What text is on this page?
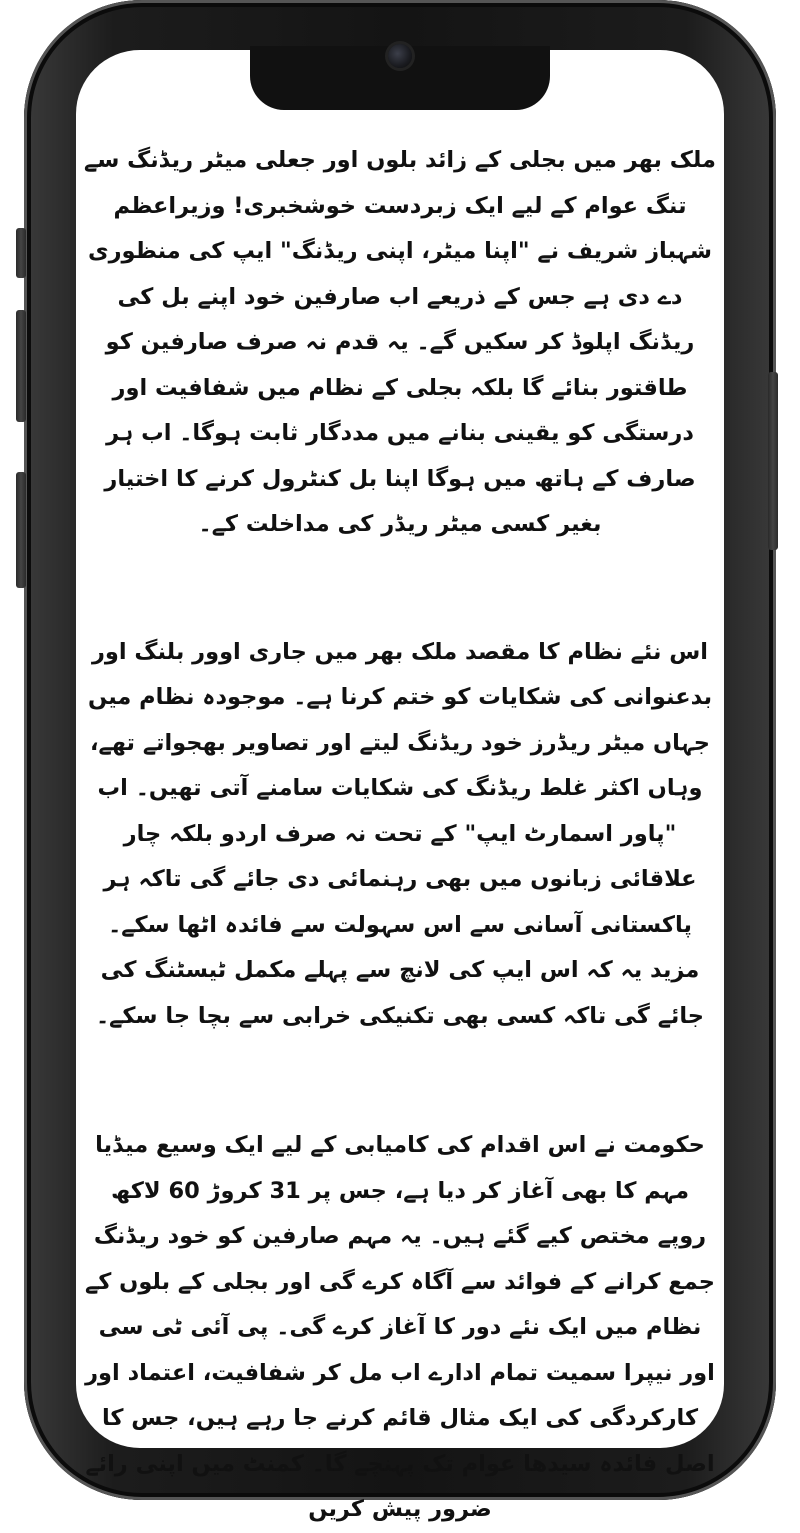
ملک بھر میں بجلی کے زائد بلوں اور جعلی میٹر ریڈنگ سے تنگ عوام کے لیے ایک زبردست خوشخبری! وزیراعظم شہباز شریف نے "اپنا میٹر، اپنی ریڈنگ" ایپ کی منظوری دے دی ہے جس کے ذریعے اب صارفین خود اپنے بل کی ریڈنگ اپلوڈ کر سکیں گے۔ یہ قدم نہ صرف صارفین کو طاقتور بنائے گا بلکہ بجلی کے نظام میں شفافیت اور درستگی کو یقینی بنانے میں مددگار ثابت ہوگا۔ اب ہر صارف کے ہاتھ میں ہوگا اپنا بل کنٹرول کرنے کا اختیار بغیر کسی میٹر ریڈر کی مداخلت کے۔

اس نئے نظام کا مقصد ملک بھر میں جاری اوور بلنگ اور بدعنوانی کی شکایات کو ختم کرنا ہے۔ موجودہ نظام میں جہاں میٹر ریڈرز خود ریڈنگ لیتے اور تصاویر بھجواتے تھے، وہاں اکثر غلط ریڈنگ کی شکایات سامنے آتی تھیں۔ اب "پاور اسمارٹ ایپ" کے تحت نہ صرف اردو بلکہ چار علاقائی زبانوں میں بھی رہنمائی دی جائے گی تاکہ ہر پاکستانی آسانی سے اس سہولت سے فائدہ اٹھا سکے۔ مزید یہ کہ اس ایپ کی لانچ سے پہلے مکمل ٹیسٹنگ کی جائے گی تاکہ کسی بھی تکنیکی خرابی سے بچا جا سکے۔

حکومت نے اس اقدام کی کامیابی کے لیے ایک وسیع میڈیا مہم کا بھی آغاز کر دیا ہے، جس پر 31 کروڑ 60 لاکھ روپے مختص کیے گئے ہیں۔ یہ مہم صارفین کو خود ریڈنگ جمع کرانے کے فوائد سے آگاہ کرے گی اور بجلی کے بلوں کے نظام میں ایک نئے دور کا آغاز کرے گی۔ پی آئی ٹی سی اور نیپرا سمیت تمام ادارے اب مل کر شفافیت، اعتماد اور کارکردگی کی ایک مثال قائم کرنے جا رہے ہیں، جس کا اصل فائدہ سیدھا عوام تک پہنچے گا۔ کمنٹ میں اپنی رائے ضرور پیش کریں
